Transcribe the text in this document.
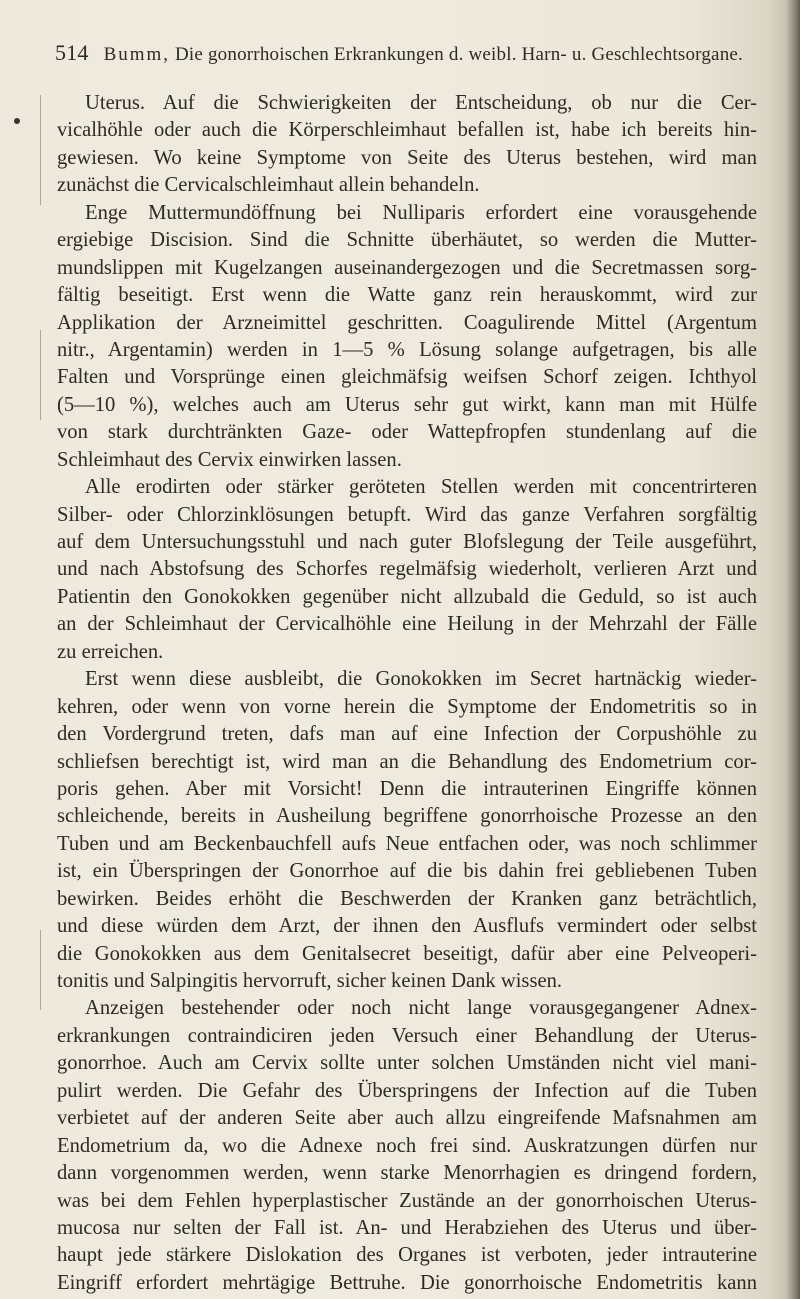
514 Bumm, Die gonorrhoischen Erkrankungen d. weibl. Harn- u. Geschlechtsorgane.
Uterus. Auf die Schwierigkeiten der Entscheidung, ob nur die Cer-
vicalhöhle oder auch die Körperschleimhaut befallen ist, habe ich bereits hin-
gewiesen. Wo keine Symptome von Seite des Uterus bestehen, wird man
zunächst die Cervicalschleimhaut allein behandeln.
Enge Muttermundöffnung bei Nulliparis erfordert eine vorausgehende
ergiebige Discision. Sind die Schnitte überhäutet, so werden die Mutter-
mundslippen mit Kugelzangen auseinandergezogen und die Secretmassen sorg-
fältig beseitigt. Erst wenn die Watte ganz rein herauskommt, wird zur
Applikation der Arzneimittel geschritten. Coagulirende Mittel (Argentum
nitr., Argentamin) werden in 1—5 % Lösung solange aufgetragen, bis alle
Falten und Vorsprünge einen gleichmäfsig weifsen Schorf zeigen. Ichthyol
(5—10 %), welches auch am Uterus sehr gut wirkt, kann man mit Hülfe
von stark durchtränkten Gaze- oder Wattepfropfen stundenlang auf die
Schleimhaut des Cervix einwirken lassen.
Alle erodirten oder stärker geröteten Stellen werden mit concentrirteren
Silber- oder Chlorzinklösungen betupft. Wird das ganze Verfahren sorgfältig
auf dem Untersuchungsstuhl und nach guter Blofslegung der Teile ausgeführt,
und nach Abstofsung des Schorfes regelmäfsig wiederholt, verlieren Arzt und
Patientin den Gonokokken gegenüber nicht allzubald die Geduld, so ist auch
an der Schleimhaut der Cervicalhöhle eine Heilung in der Mehrzahl der Fälle
zu erreichen.
Erst wenn diese ausbleibt, die Gonokokken im Secret hartnäckig wieder-
kehren, oder wenn von vorne herein die Symptome der Endometritis so in
den Vordergrund treten, dafs man auf eine Infection der Corpushöhle zu
schliefsen berechtigt ist, wird man an die Behandlung des Endometrium cor-
poris gehen. Aber mit Vorsicht! Denn die intrauterinen Eingriffe können
schleichende, bereits in Ausheilung begriffene gonorrhoische Prozesse an den
Tuben und am Beckenbauchfell aufs Neue entfachen oder, was noch schlimmer
ist, ein Überspringen der Gonorrhoe auf die bis dahin frei gebliebenen Tuben
bewirken. Beides erhöht die Beschwerden der Kranken ganz beträchtlich,
und diese würden dem Arzt, der ihnen den Ausflufs vermindert oder selbst
die Gonokokken aus dem Genitalsecret beseitigt, dafür aber eine Pelveoperi-
tonitis und Salpingitis hervorruft, sicher keinen Dank wissen.
Anzeigen bestehender oder noch nicht lange vorausgegangener Adnex-
erkrankungen contraindiciren jeden Versuch einer Behandlung der Uterus-
gonorrhoe. Auch am Cervix sollte unter solchen Umständen nicht viel mani-
pulirt werden. Die Gefahr des Überspringens der Infection auf die Tuben
verbietet auf der anderen Seite aber auch allzu eingreifende Mafsnahmen am
Endometrium da, wo die Adnexe noch frei sind. Auskratzungen dürfen nur
dann vorgenommen werden, wenn starke Menorrhagien es dringend fordern,
was bei dem Fehlen hyperplastischer Zustände an der gonorrhoischen Uterus-
mucosa nur selten der Fall ist. An- und Herabziehen des Uterus und über-
haupt jede stärkere Dislokation des Organes ist verboten, jeder intrauterine
Eingriff erfordert mehrtägige Bettruhe. Die gonorrhoische Endometritis kann
